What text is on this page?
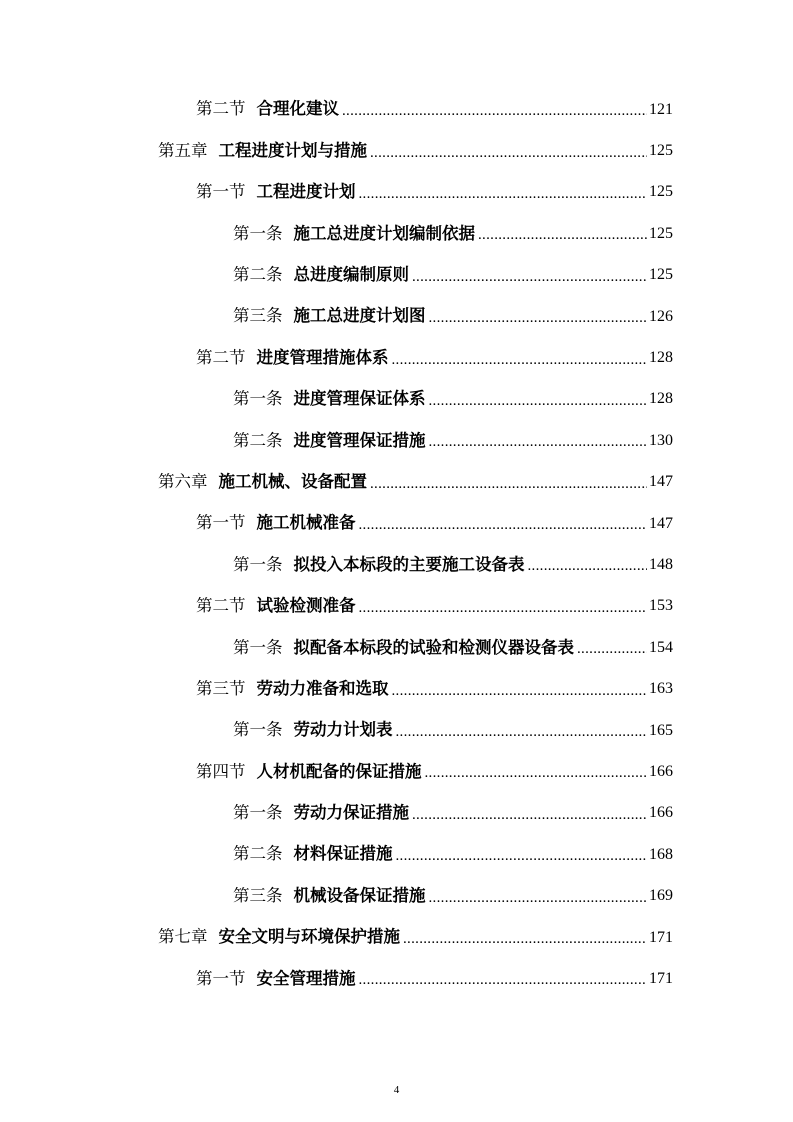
第二节 合理化建议 .....	121
第五章 工程进度计划与措施 .....	125
第一节 工程进度计划 .....	125
第一条 施工总进度计划编制依据 .....	125
第二条 总进度编制原则 .....	125
第三条 施工总进度计划图 .....	126
第二节 进度管理措施体系 .....	128
第一条 进度管理保证体系 .....	128
第二条 进度管理保证措施 .....	130
第六章 施工机械、设备配置 .....	147
第一节 施工机械准备 .....	147
第一条 拟投入本标段的主要施工设备表 .....	148
第二节 试验检测准备 .....	153
第一条 拟配备本标段的试验和检测仪器设备表 .....	154
第三节 劳动力准备和选取 .....	163
第一条 劳动力计划表 .....	165
第四节 人材机配备的保证措施 .....	166
第一条 劳动力保证措施 .....	166
第二条 材料保证措施 .....	168
第三条 机械设备保证措施 .....	169
第七章 安全文明与环境保护措施 .....	171
第一节 安全管理措施 .....	171
4
